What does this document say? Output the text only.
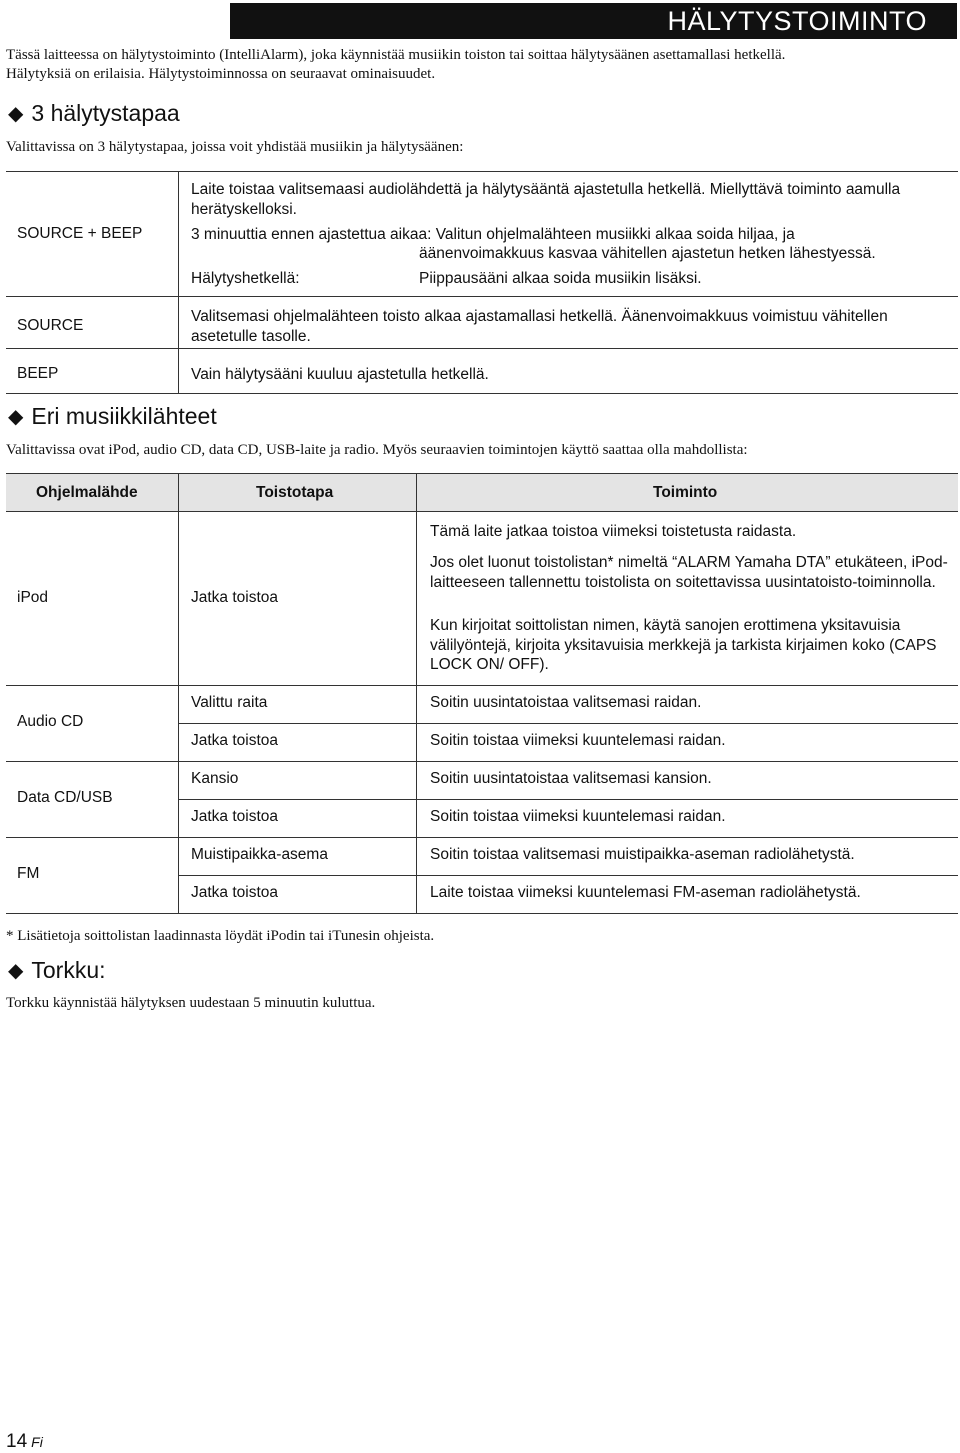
HÄLYTYSTOIMINTO

Tässä laitteessa on hälytystoiminto (IntelliAlarm), joka käynnistää musiikin toiston tai soittaa hälytysäänen asettamallasi hetkellä.

Hälytyksiä on erilaisia. Hälytystoiminnossa on seuraavat ominaisuudet.

◆ 3 hälytystapaa
Valittavissa on 3 hälytystapaa, joissa voit yhdistää musiikin ja hälytysäänen:
SOURCE + BEEP
Laite toistaa valitsemaasi audiolähdettä ja hälytysääntä ajastetulla hetkellä. Miellyttävä toiminto aamulla herätyskelloksi.
3 minuuttia ennen ajastettua aikaa: Valitun ohjelmalähteen musiikki alkaa soida hiljaa, ja
äänenvoimakkuus kasvaa vähitellen ajastetun hetken lähestyessä.
Hälytyshetkellä:	Piippausääni alkaa soida musiikin lisäksi.
SOURCE
Valitsemasi ohjelmalähteen toisto alkaa ajastamallasi hetkellä. Äänenvoimakkuus voimistuu vähitellen asetetulle tasolle.
BEEP	Vain hälytysääni kuuluu ajastetulla hetkellä.
◆ Eri musiikkilähteet
Valittavissa ovat iPod, audio CD, data CD, USB-laite ja radio. Myös seuraavien toimintojen käyttö saattaa olla mahdollista:
Ohjelmalähde	Toistotapa	Toiminto
iPod	Jatka toistoa
Tämä laite jatkaa toistoa viimeksi toistetusta raidasta.
Jos olet luonut toistolistan* nimeltä “ALARM Yamaha DTA” etukäteen, iPod-laitteeseen tallennettu toistolista on soitettavissa uusintatoisto-toiminnolla.
Kun kirjoitat soittolistan nimen, käytä sanojen erottimena yksitavuisia välilyöntejä, kirjoita yksitavuisia merkkejä ja tarkista kirjaimen koko (CAPS LOCK ON/ OFF).
Audio CD
Valittu raita	Soitin uusintatoistaa valitsemasi raidan.
Jatka toistoa	Soitin toistaa viimeksi kuuntelemasi raidan.
Data CD/USB
Kansio	Soitin uusintatoistaa valitsemasi kansion.
Jatka toistoa	Soitin toistaa viimeksi kuuntelemasi raidan.
FM
Muistipaikka-asema	Soitin toistaa valitsemasi muistipaikka-aseman radiolähetystä.
Jatka toistoa	Laite toistaa viimeksi kuuntelemasi FM-aseman radiolähetystä.
* Lisätietoja soittolistan laadinnasta löydät iPodin tai iTunesin ohjeista.
◆ Torkku:
Torkku käynnistää hälytyksen uudestaan 5 minuutin kuluttua.
14 Fi
